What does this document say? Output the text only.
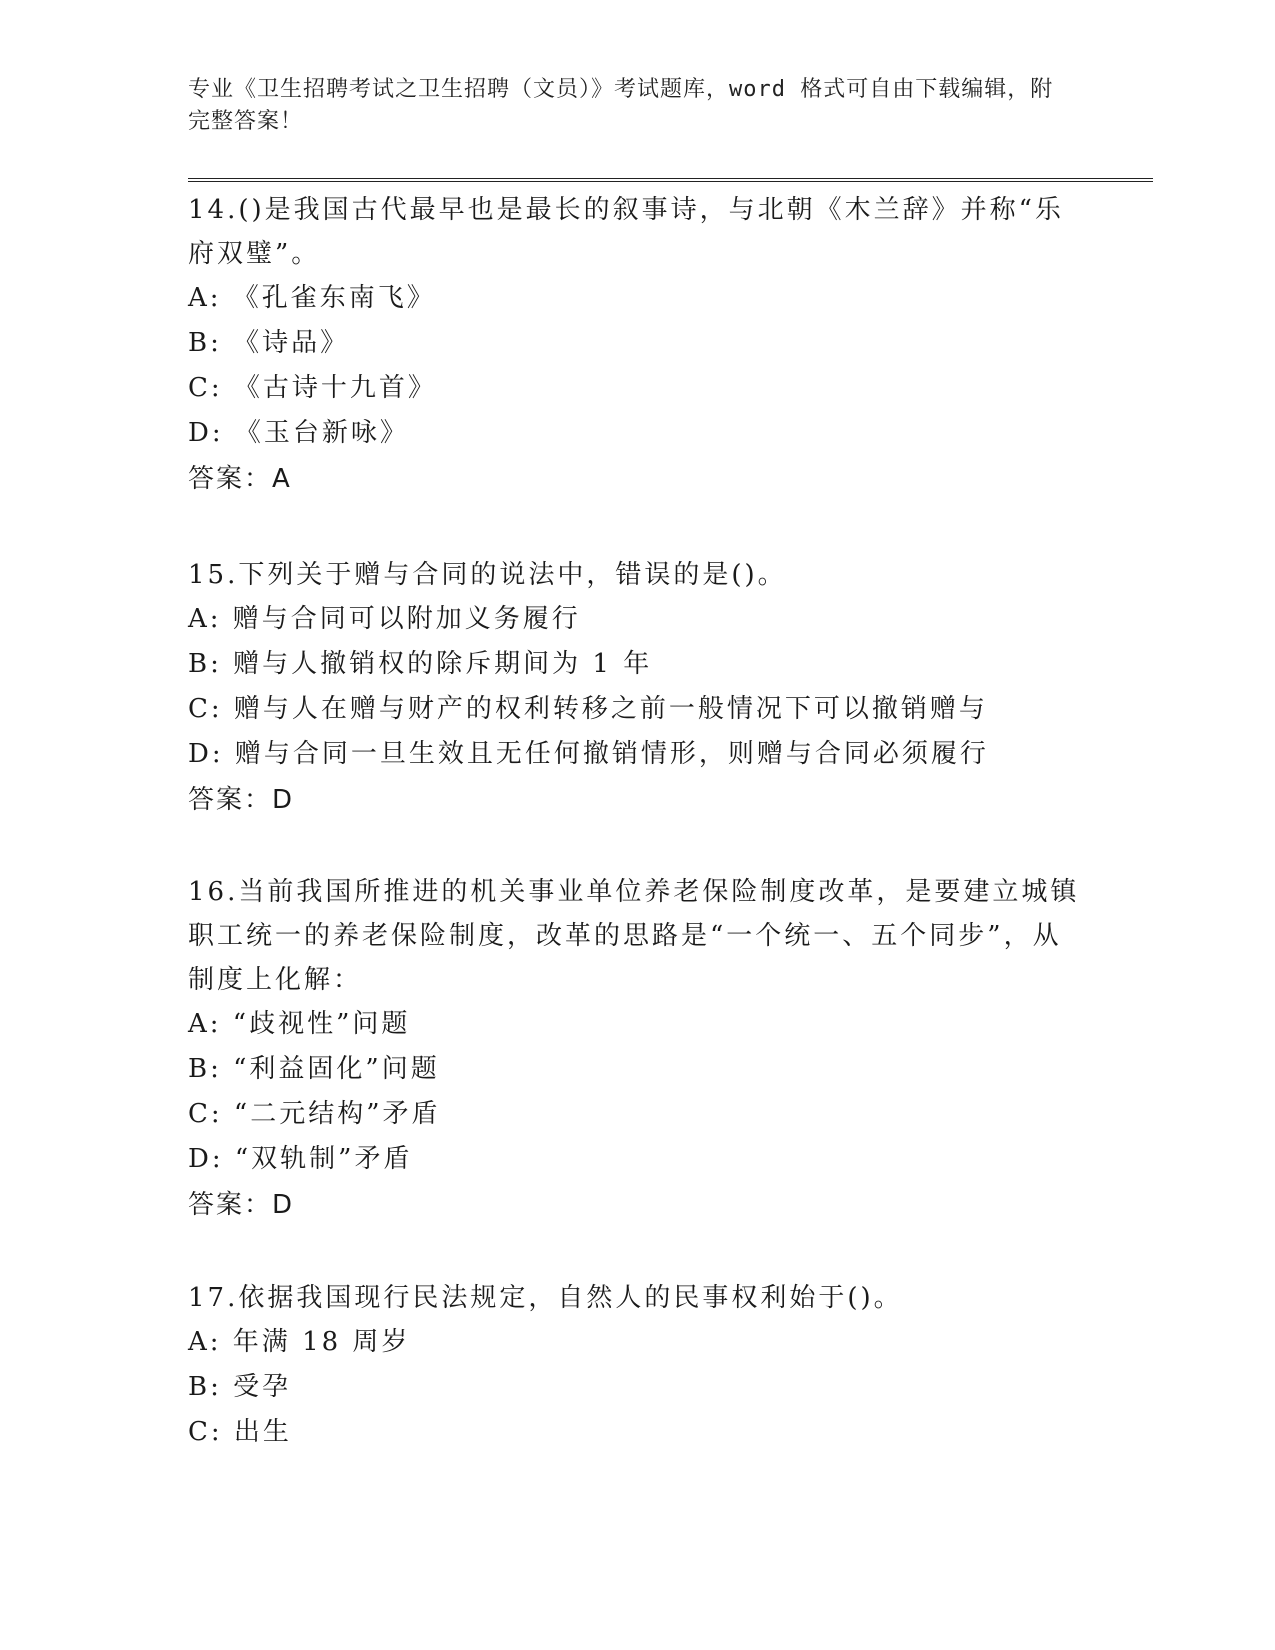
专业《卫生招聘考试之卫生招聘（文员）》考试题库，word 格式可自由下载编辑，附完整答案！

14.()是我国古代最早也是最长的叙事诗，与北朝《木兰辞》并称“乐府双璧”。

A: 《孔雀东南飞》

B: 《诗品》

C: 《古诗十九首》

D: 《玉台新咏》

答案：A

15.下列关于赠与合同的说法中，错误的是()。

A: 赠与合同可以附加义务履行

B: 赠与人撤销权的除斥期间为 1 年

C: 赠与人在赠与财产的权利转移之前一般情况下可以撤销赠与

D: 赠与合同一旦生效且无任何撤销情形，则赠与合同必须履行

答案：D

16.当前我国所推进的机关事业单位养老保险制度改革，是要建立城镇职工统一的养老保险制度，改革的思路是“一个统一、五个同步”，从制度上化解：

A: “歧视性”问题

B: “利益固化”问题

C: “二元结构”矛盾

D: “双轨制”矛盾

答案：D

17.依据我国现行民法规定，自然人的民事权利始于()。

A: 年满 18 周岁

B: 受孕

C: 出生
